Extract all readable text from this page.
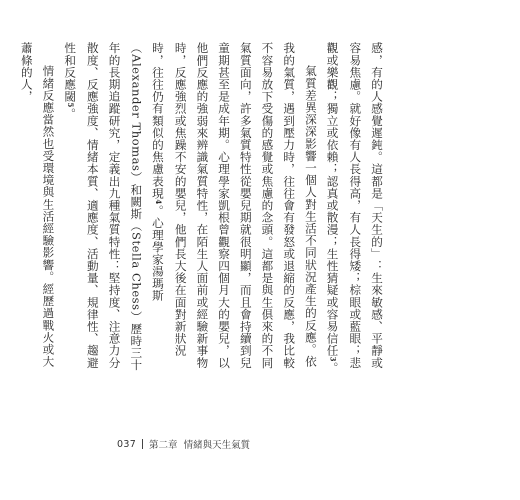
感，有的人感覺遲鈍。這都是「天生的」：生來敏感、平靜或容易焦慮。就好像有人長得高，有人長得矮；棕眼或藍眼；悲觀或樂觀；獨立或依賴；認真或散漫；生性猜疑或容易信任3。

氣質差異深深影響一個人對生活不同狀況產生的反應。依我的氣質，遇到壓力時，往往會有發怒或退縮的反應，我比較不容易放下受傷的感覺或焦慮的念頭。這都是與生俱來的不同氣質面向，許多氣質特性從嬰兒期就很明顯，而且會持續到兒童期甚至是成年期。心理學家凱根曾觀察四個月大的嬰兒，以他們反應的強弱來辨識氣質特性，在陌生人面前或經驗新事物時，反應強烈或焦躁不安的嬰兒，他們長大後在面對新狀況時，往往仍有類似的焦慮表現4。心理學家湯瑪斯（Alexander Thomas）和闕斯（Stella Chess）歷時三十年的長期追蹤研究，定義出九種氣質特性：堅持度、注意力分散度、反應強度、情緒本質、適應度、活動量、規律性、趨避性和反應閾5。

情緒反應當然也受環境與生活經驗影響。經歷過戰火或大蕭條的人，

037 第二章 情緒與天生氣質
